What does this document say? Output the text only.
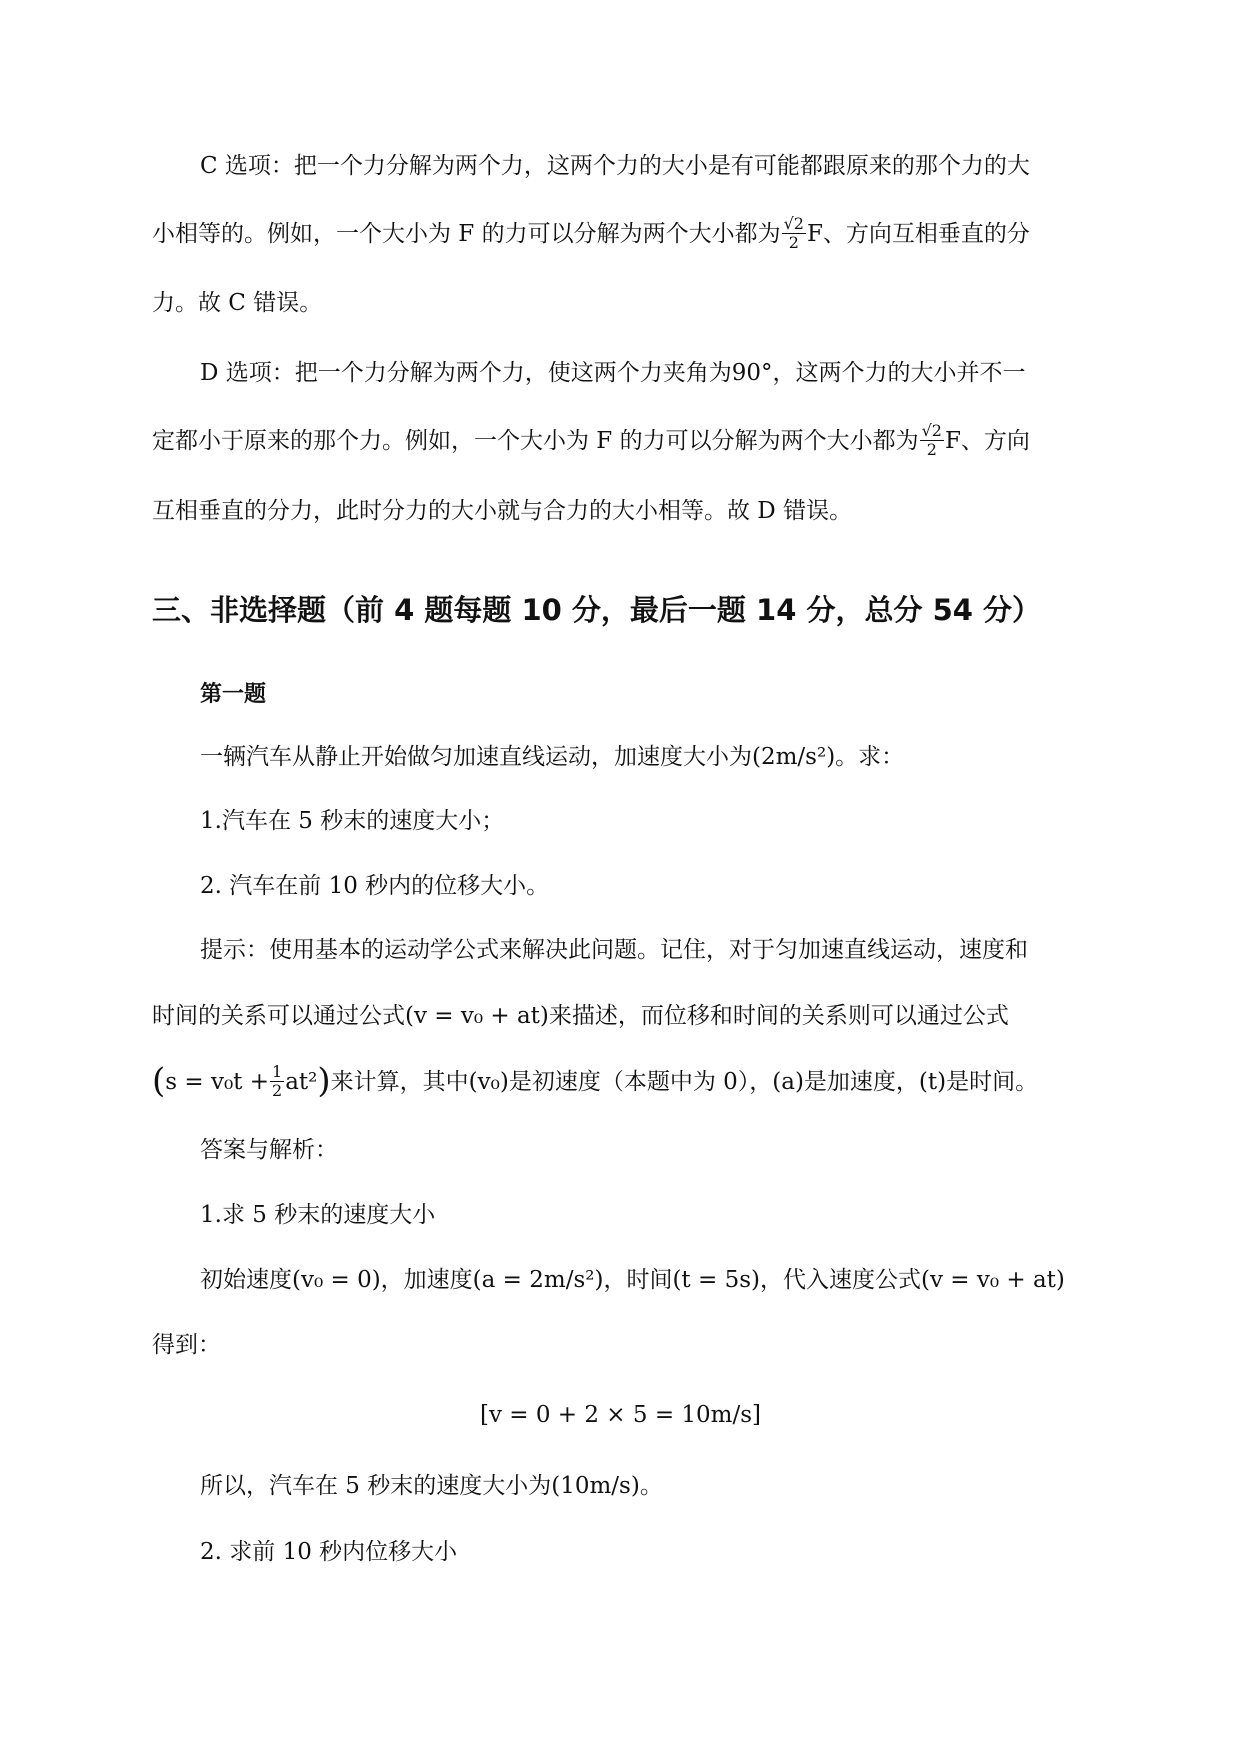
C 选项：把一个力分解为两个力，这两个力的大小是有可能都跟原来的那个力的大
小相等的。例如，一个大小为 F 的力可以分解为两个大小都为 $\frac{√2}{2}$ F、方向互相垂直的分
力。故 C 错误。
D 选项：把一个力分解为两个力，使这两个力夹角为90°，这两个力的大小并不一
定都小于原来的那个力。例如，一个大小为 F 的力可以分解为两个大小都为 $\frac{√2}{2}$ F、方向
互相垂直的分力，此时分力的大小就与合力的大小相等。故 D 错误。
三、非选择题（前 4 题每题 10 分，最后一题 14 分，总分 54 分）
第一题
一辆汽车从静止开始做匀加速直线运动，加速度大小为(2m/s²)。求：
1.汽车在 5 秒末的速度大小；
2. 汽车在前 10 秒内的位移大小。
提示：使用基本的运动学公式来解决此问题。记住，对于匀加速直线运动，速度和
时间的关系可以通过公式(v = v₀ + at)来描述，而位移和时间的关系则可以通过公式
$(s = v_0t + \frac{1}{2} at^2)$来计算，其中(v₀)是初速度（本题中为 0），(a)是加速度，(t)是时间。
答案与解析：
1.求 5 秒末的速度大小
初始速度(v₀ = 0)，加速度(a = 2m/s²)，时间(t = 5s)，代入速度公式(v = v₀ + at)
得到：
[v = 0 + 2 × 5 = 10m/s]
所以，汽车在 5 秒末的速度大小为(10m/s)。
2. 求前 10 秒内位移大小
